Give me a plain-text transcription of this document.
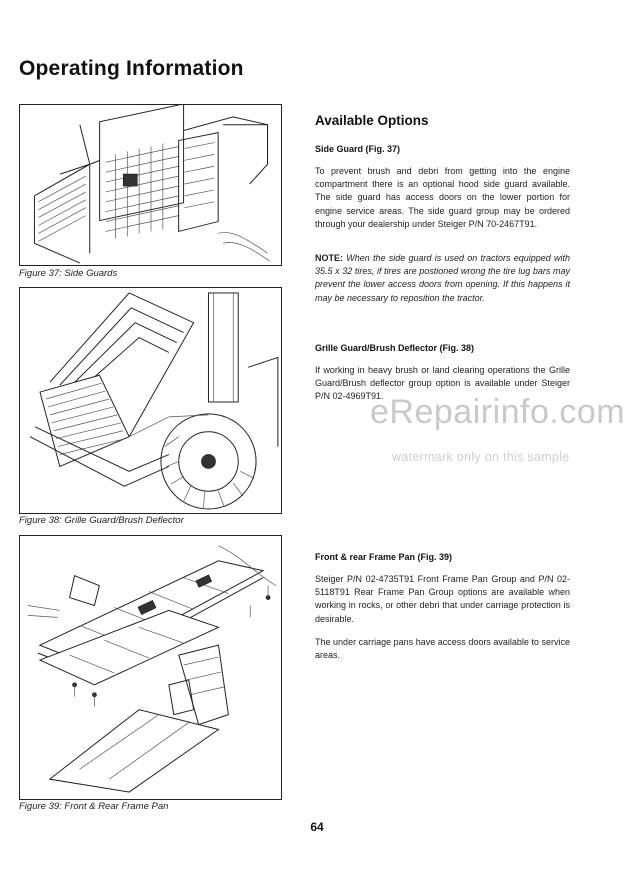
Operating Information
Figure 37: Side Guards
Figure 38: Grille Guard/Brush Deflector
Figure 39: Front & Rear Frame Pan
Available Options
Side Guard (Fig. 37)

To prevent brush and debri from getting into the engine compartment there is an optional hood side guard available. The side guard has access doors on the lower portion for engine service areas. The side guard group may be ordered through your dealership under Steiger P/N 70-2467T91.

NOTE: When the side guard is used on tractors equipped with 35.5 x 32 tires, if tires are postioned wrong the tire lug bars may prevent the lower access doors from opening. If this happens it may be necessary to reposition the tractor.

Grille Guard/Brush Deflector (Fig. 38)

If working in heavy brush or land clearing operations the Grille Guard/Brush deflector group option is available under Steiger P/N 02-4969T91.

Front & rear Frame Pan (Fig. 39)

Steiger P/N 02-4735T91 Front Frame Pan Group and P/N 02-5118T91 Rear Frame Pan Group options are available when working in rocks, or other debri that under carriage protection is desirable.

The under carriage pans have access doors available to service areas.

eRepairinfo.com
watermark only on this sample
64
